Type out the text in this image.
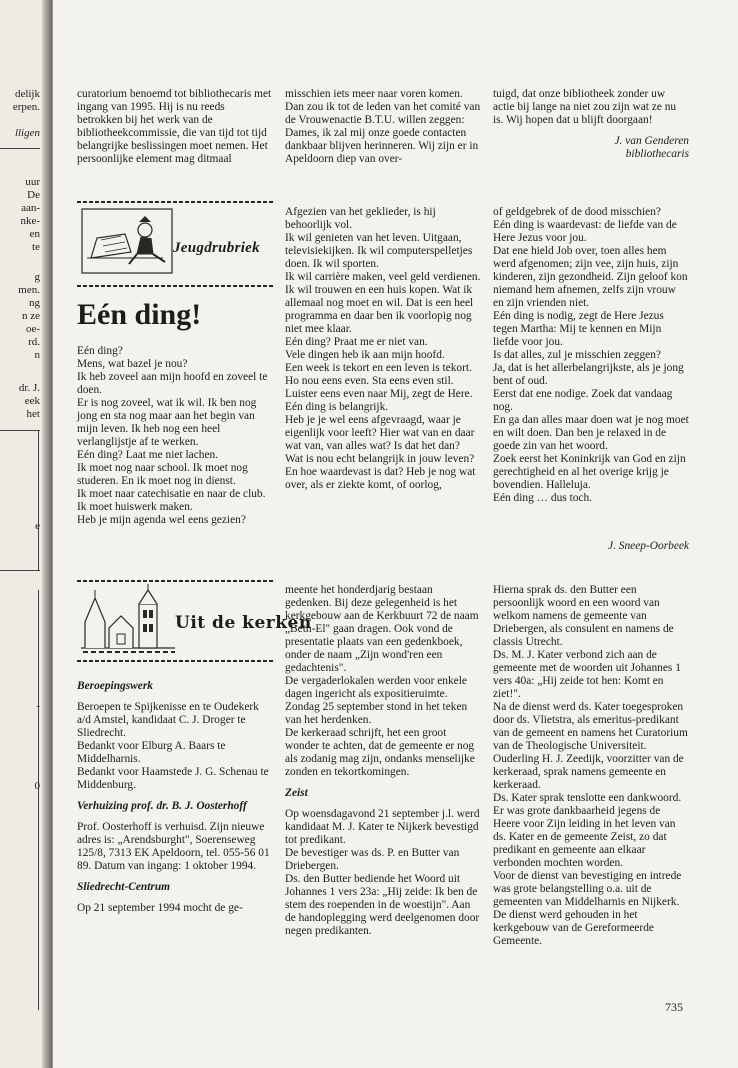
delijk
erpen.
lligen
uur
De
aan-
nke-
en
te
g
men.
ng
n ze
oe-
rd.
n
dr. J.
eek
het
e
-
0

curatorium benoemd tot bibliothecaris met ingang van 1995. Hij is nu reeds betrokken bij het werk van de bibliotheekcommissie, die van tijd tot tijd belangrijke beslissingen moet nemen. Het persoonlijke element mag ditmaal

misschien iets meer naar voren komen. Dan zou ik tot de leden van het comité van de Vrouwenactie B.T.U. willen zeggen: Dames, ik zal mij onze goede contacten dankbaar blijven herinneren. Wij zijn er in Apeldoorn diep van over-

tuigd, dat onze bibliotheek zonder uw actie bij lange na niet zou zijn wat ze nu is. Wij hopen dat u blijft doorgaan!

J. van Genderen

bibliothecaris

Jeugdrubriek
Eén ding!

Eén ding?

Mens, wat bazel je nou?

Ik heb zoveel aan mijn hoofd en zoveel te doen.

Er is nog zoveel, wat ik wil. Ik ben nog jong en sta nog maar aan het begin van mijn leven. Ik heb nog een heel verlanglijstje af te werken.

Eén ding? Laat me niet lachen.

Ik moet nog naar school. Ik moet nog studeren. En ik moet nog in dienst.

Ik moet naar catechisatie en naar de club.

Ik moet huiswerk maken.

Heb je mijn agenda wel eens gezien?

Afgezien van het geklieder, is hij behoorlijk vol.

Ik wil genieten van het leven. Uitgaan, televisiekijken. Ik wil computerspelletjes doen. Ik wil sporten.

Ik wil carrière maken, veel geld verdienen. Ik wil trouwen en een huis kopen. Wat ik allemaal nog moet en wil. Dat is een heel programma en daar ben ik voorlopig nog niet mee klaar.

Eén ding? Praat me er niet van.

Vele dingen heb ik aan mijn hoofd.

Een week is tekort en een leven is tekort.

Ho nou eens even. Sta eens even stil.

Luister eens even naar Mij, zegt de Here. Eén ding is belangrijk.

Heb je je wel eens afgevraagd, waar je eigenlijk voor leeft? Hier wat van en daar wat van, van alles wat? Is dat het dan?

Wat is nou echt belangrijk in jouw leven?

En hoe waardevast is dat? Heb je nog wat over, als er ziekte komt, of oorlog,

of geldgebrek of de dood misschien?

Eén ding is waardevast: de liefde van de Here Jezus voor jou.

Dat ene hield Job over, toen alles hem werd afgenomen; zijn vee, zijn huis, zijn kinderen, zijn gezondheid. Zijn geloof kon niemand hem afnemen, zelfs zijn vrouw en zijn vrienden niet.

Eén ding is nodig, zegt de Here Jezus tegen Martha: Mij te kennen en Mijn liefde voor jou.

Is dat alles, zul je misschien zeggen?

Ja, dat is het allerbelangrijkste, als je jong bent of oud.

Eerst dat ene nodige. Zoek dat vandaag nog.

En ga dan alles maar doen wat je nog moet en wilt doen. Dan ben je relaxed in de goede zin van het woord.

Zoek eerst het Koninkrijk van God en zijn gerechtigheid en al het overige krijg je bovendien. Halleluja.

Eén ding … dus toch.

J. Sneep-Oorbeek
Uit de kerken

Beroepingswerk

Beroepen te Spijkenisse en te Oudekerk a/d Amstel, kandidaat C. J. Droger te Sliedrecht.

Bedankt voor Elburg A. Baars te Middelharnis.

Bedankt voor Haamstede J. G. Schenau te Middenburg.

Verhuizing prof. dr. B. J. Oosterhoff

Prof. Oosterhoff is verhuisd. Zijn nieuwe adres is: „Arendsburght", Soerenseweg 125/8, 7313 EK Apeldoorn, tel. 055-56 01 89. Datum van ingang: 1 oktober 1994.

Sliedrecht-Centrum

Op 21 september 1994 mocht de ge-

meente het honderdjarig bestaan gedenken. Bij deze gelegenheid is het kerkgebouw aan de Kerkbuurt 72 de naam „Beth-El" gaan dragen. Ook vond de presentatie plaats van een gedenkboek, onder de naam „Zijn wond'ren een gedachtenis".

De vergaderlokalen werden voor enkele dagen ingericht als expositieruimte.

Zondag 25 september stond in het teken van het herdenken.

De kerkeraad schrijft, het een groot wonder te achten, dat de gemeente er nog als zodanig mag zijn, ondanks menselijke zonden en tekortkomingen.

Zeist

Op woensdagavond 21 september j.l. werd kandidaat M. J. Kater te Nijkerk bevestigd tot predikant.

De bevestiger was ds. P. en Butter van Driebergen.

Ds. den Butter bediende het Woord uit Johannes 1 vers 23a: „Hij zeide: Ik ben de stem des roependen in de woestijn". Aan de handoplegging werd deelgenomen door negen predikanten.

Hierna sprak ds. den Butter een persoonlijk woord en een woord van welkom namens de gemeente van Driebergen, als consulent en namens de classis Utrecht.

Ds. M. J. Kater verbond zich aan de gemeente met de woorden uit Johannes 1 vers 40a: „Hij zeide tot hen: Komt en ziet!".

Na de dienst werd ds. Kater toegesproken door ds. Vlietstra, als emeritus-predikant van de gemeent en namens het Curatorium van de Theologische Universiteit.

Ouderling H. J. Zeedijk, voorzitter van de kerkeraad, sprak namens gemeente en kerkeraad.

Ds. Kater sprak tenslotte een dankwoord. Er was grote dankbaarheid jegens de Heere voor Zijn leiding in het leven van ds. Kater en de gemeente Zeist, zo dat predikant en gemeente aan elkaar verbonden mochten worden.

Voor de dienst van bevestiging en intrede was grote belangstelling o.a. uit de gemeenten van Middelharnis en Nijkerk.

De dienst werd gehouden in het kerkgebouw van de Gereformeerde Gemeente.

735
